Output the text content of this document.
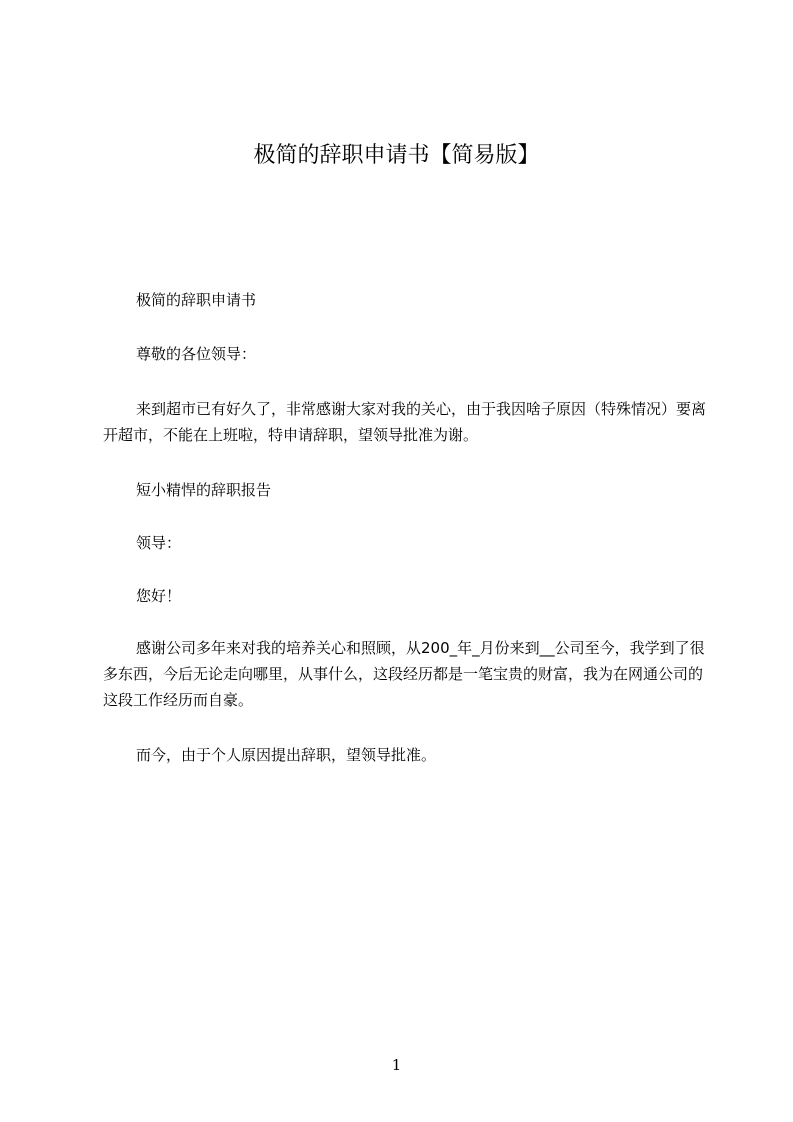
极简的辞职申请书【简易版】

极简的辞职申请书

尊敬的各位领导：

来到超市已有好久了，非常感谢大家对我的关心，由于我因啥子原因（特殊情况）要离开超市，不能在上班啦，特申请辞职，望领导批准为谢。

短小精悍的辞职报告

领导：

您好！

感谢公司多年来对我的培养关心和照顾，从200_年_月份来到__公司至今，我学到了很多东西，今后无论走向哪里，从事什么，这段经历都是一笔宝贵的财富，我为在网通公司的这段工作经历而自豪。

而今，由于个人原因提出辞职，望领导批准。

1
